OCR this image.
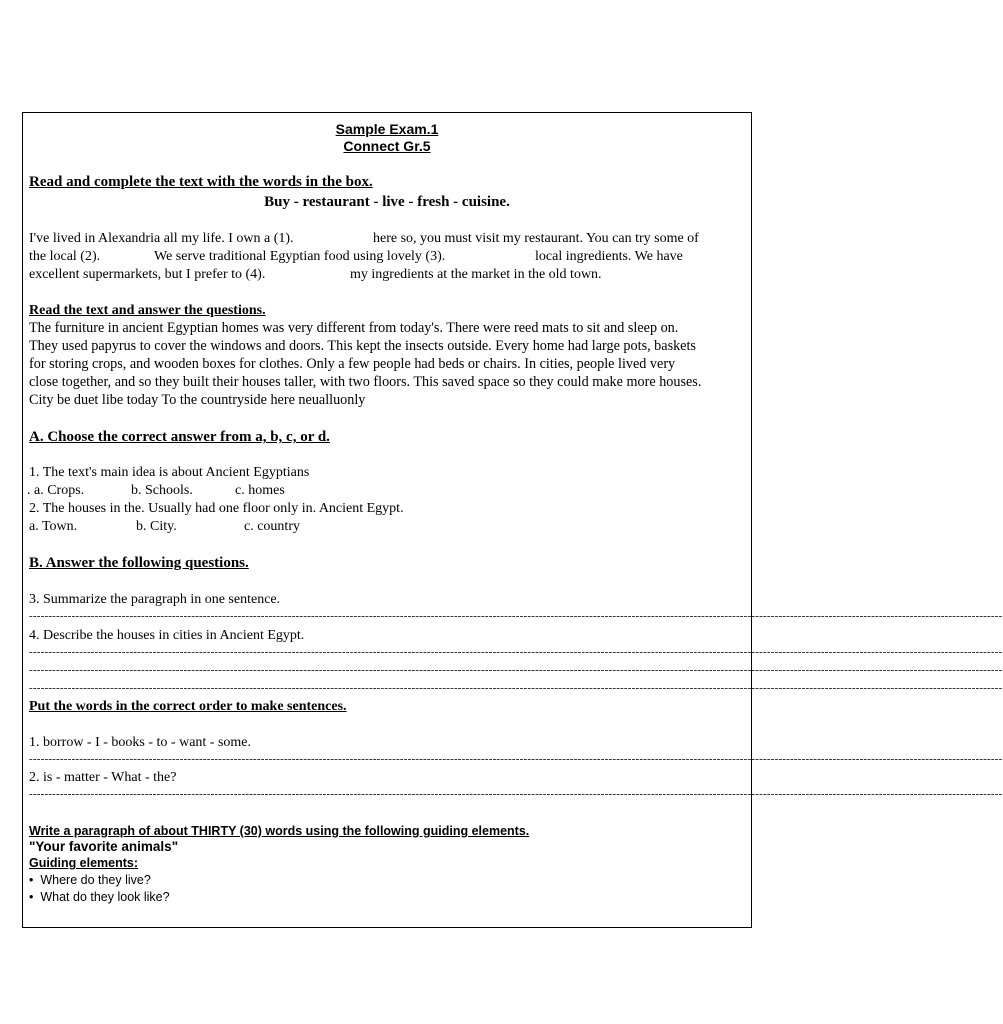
Sample Exam.1
Connect Gr.5
Read and complete the text with the words in the box.
Buy - restaurant - live - fresh - cuisine.
I've lived in Alexandria all my life. I own a (1).	here so, you must visit my restaurant. You can try some of
the local (2).	We serve traditional Egyptian food using lovely (3).	local ingredients. We have
excellent supermarkets, but I prefer to (4).	my ingredients at the market in the old town.
Read the text and answer the questions.
The furniture in ancient Egyptian homes was very different from today's. There were reed mats to sit and sleep on.
They used papyrus to cover the windows and doors. This kept the insects outside. Every home had large pots, baskets
for storing crops, and wooden boxes for clothes. Only a few people had beds or chairs. In cities, people lived very
close together, and so they built their houses taller, with two floors. This saved space so they could make more houses.
City be duet libe today To the countryside here neualluonly
A. Choose the correct answer from a, b, c, or d.
1. The text's main idea is about Ancient Egyptians
. a. Crops.	b. Schools.	c. homes
2. The houses in the. Usually had one floor only in. Ancient Egypt.
a. Town.	b. City.	c. country
B. Answer the following questions.
3. Summarize the paragraph in one sentence.
------------------------------------------------------------------------------------------------------------------------------------------------------------------------------------------------------------------------------------------------------------
4. Describe the houses in cities in Ancient Egypt.
------------------------------------------------------------------------------------------------------------------------------------------------------------------------------------------------------------------------------------------------------------
------------------------------------------------------------------------------------------------------------------------------------------------------------------------------------------------------------------------------------------------------------
------------------------------------------------------------------------------------------------------------------------------------------------------------------------------------------------------------------------------------------------------------
Put the words in the correct order to make sentences.
1. borrow - I - books - to - want - some.
------------------------------------------------------------------------------------------------------------------------------------------------------------------------------------------------------------------------------------------------------------
2. is - matter - What - the?
------------------------------------------------------------------------------------------------------------------------------------------------------------------------------------------------------------------------------------------------------------
Write a paragraph of about THIRTY (30) words using the following guiding elements.
"Your favorite animals"
Guiding elements:
• Where do they live?
• What do they look like?
